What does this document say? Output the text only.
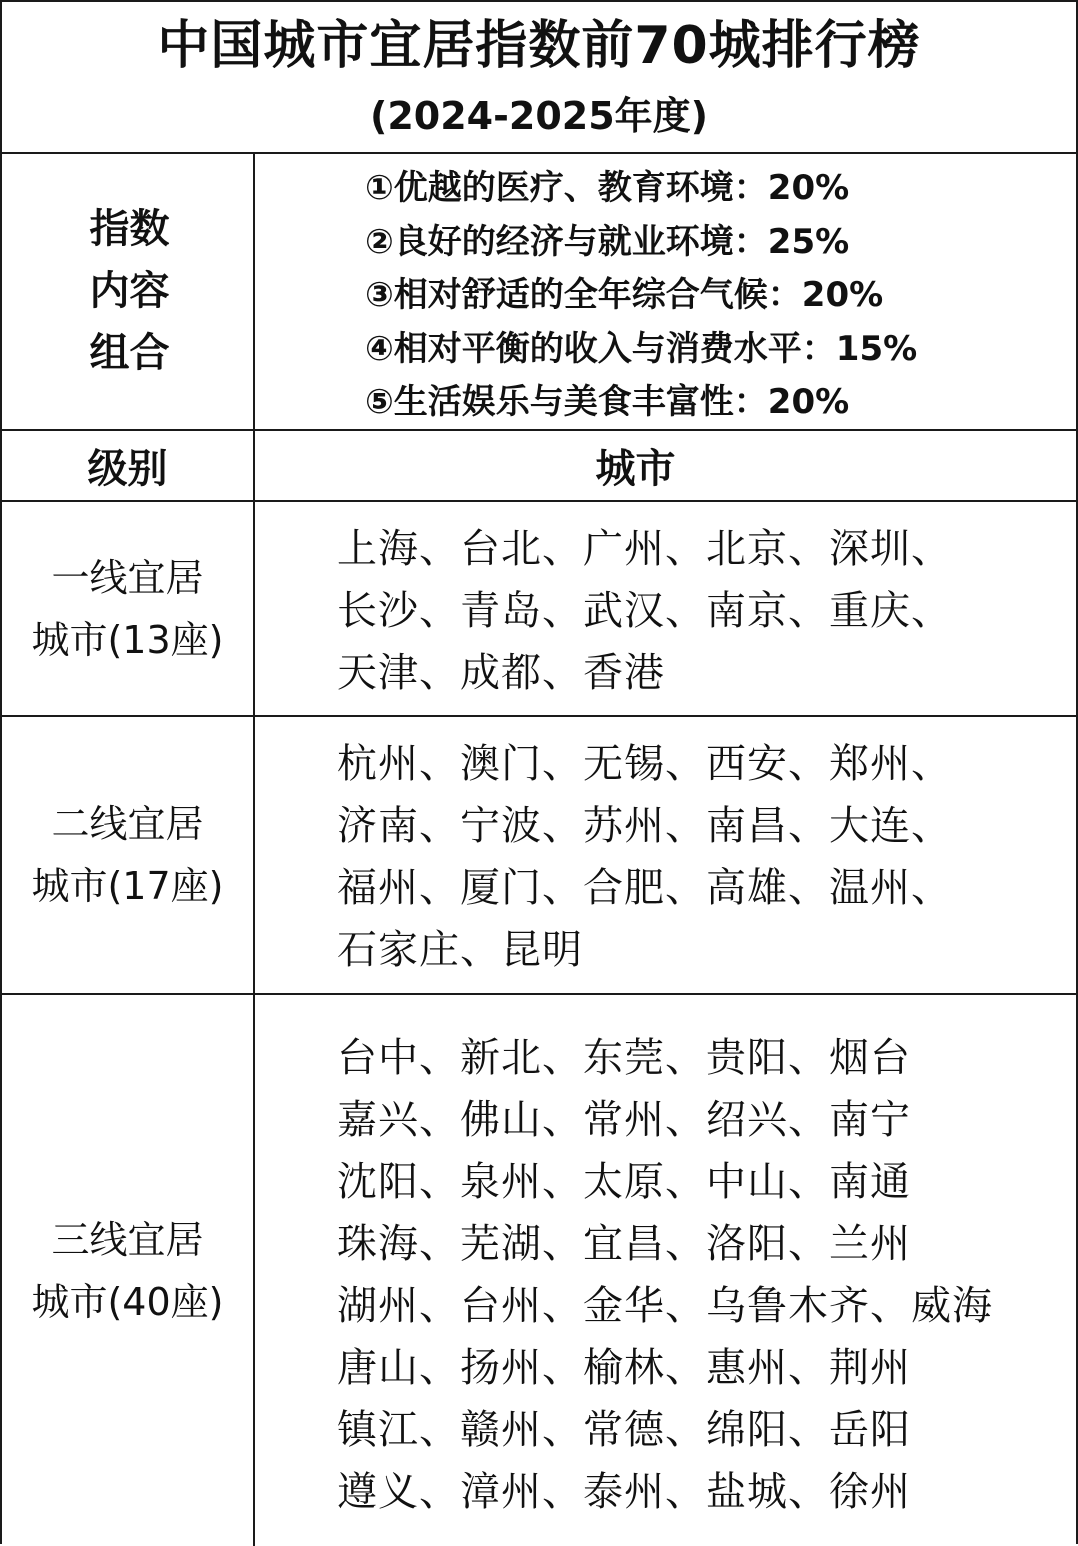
中国城市宜居指数前70城排行榜
(2024-2025年度)
指数
内容
组合
①优越的医疗、教育环境：20%
②良好的经济与就业环境：25%
③相对舒适的全年综合气候：20%
④相对平衡的收入与消费水平：15%
⑤生活娱乐与美食丰富性：20%
级别	城市
一线宜居
城市(13座)
上海、台北、广州、北京、深圳、
长沙、青岛、武汉、南京、重庆、
天津、成都、香港
二线宜居
城市(17座)
杭州、澳门、无锡、西安、郑州、
济南、宁波、苏州、南昌、大连、
福州、厦门、合肥、高雄、温州、
石家庄、昆明
三线宜居
城市(40座)
台中、新北、东莞、贵阳、烟台
嘉兴、佛山、常州、绍兴、南宁
沈阳、泉州、太原、中山、南通
珠海、芜湖、宜昌、洛阳、兰州
湖州、台州、金华、乌鲁木齐、威海
唐山、扬州、榆林、惠州、荆州
镇江、赣州、常德、绵阳、岳阳
遵义、漳州、泰州、盐城、徐州
